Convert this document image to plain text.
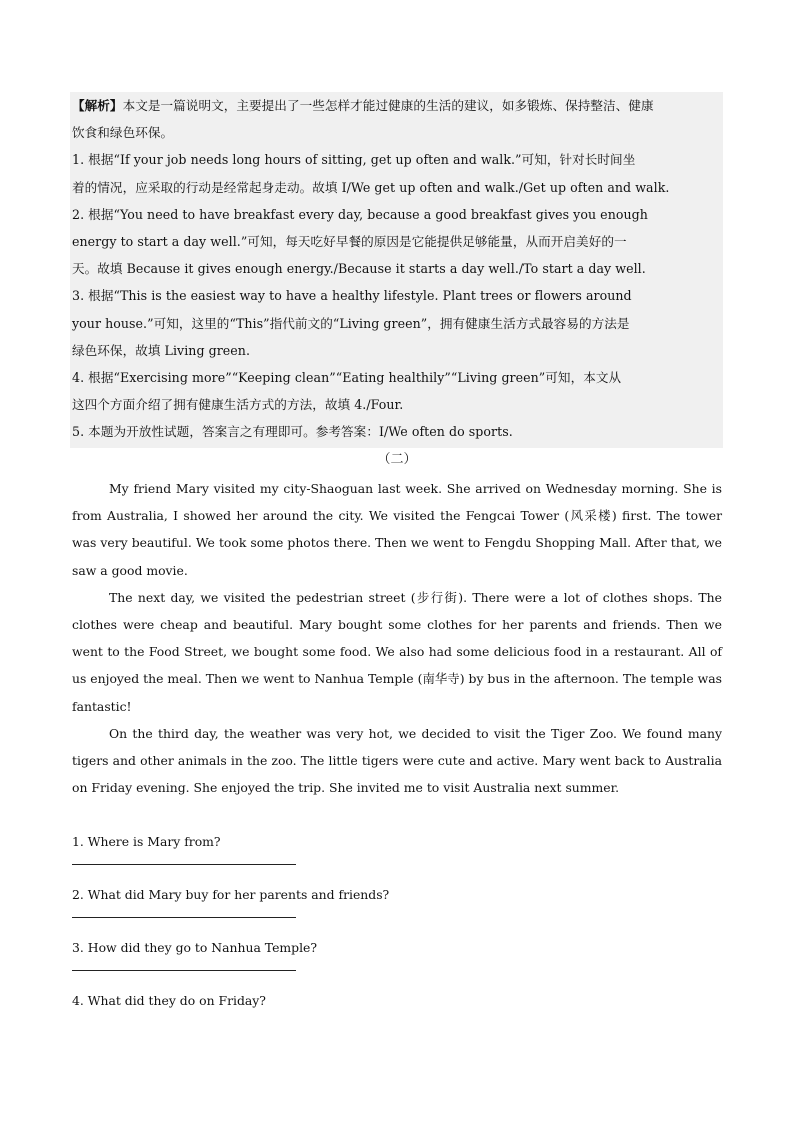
【解析】本文是一篇说明文，主要提出了一些怎样才能过健康的生活的建议，如多锻炼、保持整洁、健康
饮食和绿色环保。
1. 根据“If your job needs long hours of sitting, get up often and walk.”可知，针对长时间坐
着的情况，应采取的行动是经常起身走动。故填 I/We get up often and walk./Get up often and walk.
2. 根据“You need to have breakfast every day, because a good breakfast gives you enough
energy to start a day well.”可知，每天吃好早餐的原因是它能提供足够能量，从而开启美好的一
天。故填 Because it gives enough energy./Because it starts a day well./To start a day well.
3. 根据“This is the easiest way to have a healthy lifestyle. Plant trees or flowers around
your house.”可知，这里的“This”指代前文的“Living green”，拥有健康生活方式最容易的方法是
绿色环保，故填 Living green.
4. 根据“Exercising more”“Keeping clean”“Eating healthily”“Living green”可知，本文从
这四个方面介绍了拥有健康生活方式的方法，故填 4./Four.
5. 本题为开放性试题，答案言之有理即可。参考答案：I/We often do sports.
（二）

My friend Mary visited my city-Shaoguan last week. She arrived on Wednesday morning. She is from Australia, I showed her around the city. We visited the Fengcai Tower (风采楼) first. The tower was very beautiful. We took some photos there. Then we went to Fengdu Shopping Mall. After that, we saw a good movie.

The next day, we visited the pedestrian street (步行街). There were a lot of clothes shops. The clothes were cheap and beautiful. Mary bought some clothes for her parents and friends. Then we went to the Food Street, we bought some food. We also had some delicious food in a restaurant. All of us enjoyed the meal. Then we went to Nanhua Temple (南华寺) by bus in the afternoon. The temple was fantastic!

On the third day, the weather was very hot, we decided to visit the Tiger Zoo. We found many tigers and other animals in the zoo. The little tigers were cute and active. Mary went back to Australia on Friday evening. She enjoyed the trip. She invited me to visit Australia next summer.

1. Where is Mary from?
2. What did Mary buy for her parents and friends?
3. How did they go to Nanhua Temple?
4. What did they do on Friday?
